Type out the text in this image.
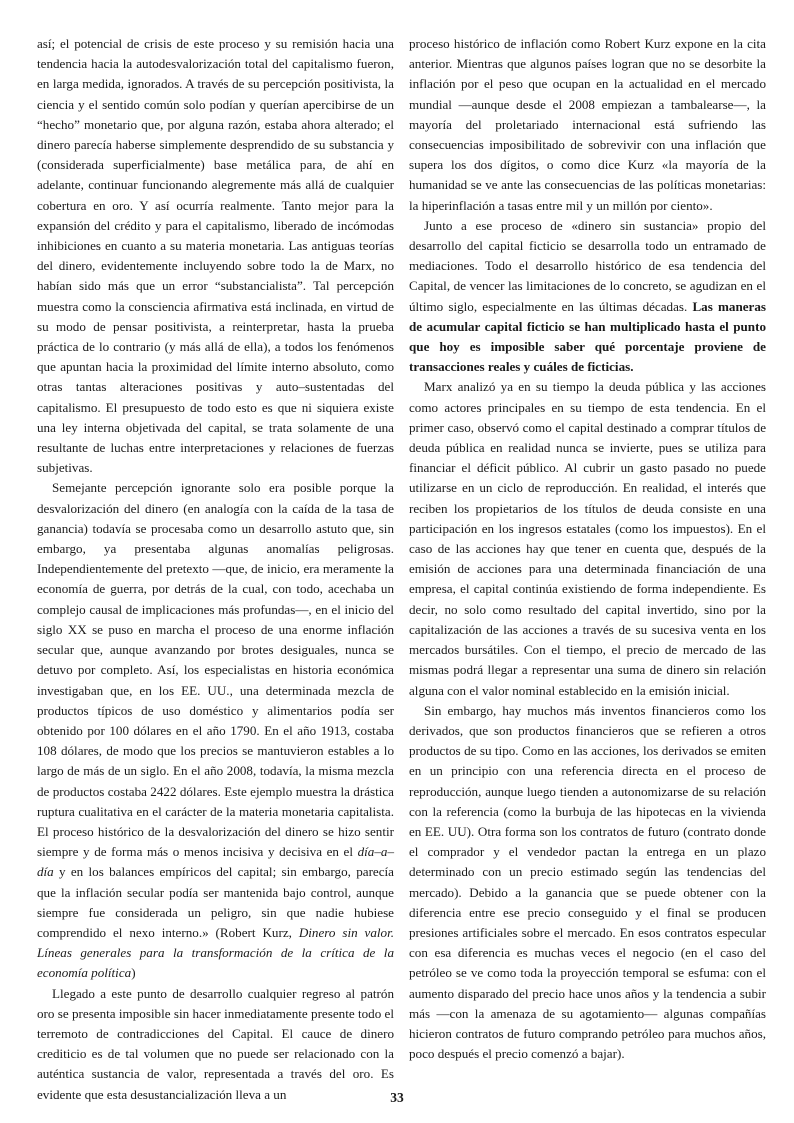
así; el potencial de crisis de este proceso y su remisión hacia una tendencia hacia la autodesvalorización total del capitalismo fueron, en larga medida, ignorados. A través de su percepción positivista, la ciencia y el sentido común solo podían y querían apercibirse de un “hecho” monetario que, por alguna razón, estaba ahora alterado; el dinero parecía haberse simplemente desprendido de su substancia y (considerada superficialmente) base metálica para, de ahí en adelante, continuar funcionando alegremente más allá de cualquier cobertura en oro. Y así ocurría realmente. Tanto mejor para la expansión del crédito y para el capitalismo, liberado de incómodas inhibiciones en cuanto a su materia monetaria. Las antiguas teorías del dinero, evidentemente incluyendo sobre todo la de Marx, no habían sido más que un error “substancialista”. Tal percepción muestra como la consciencia afirmativa está inclinada, en virtud de su modo de pensar positivista, a reinterpretar, hasta la prueba práctica de lo contrario (y más allá de ella), a todos los fenómenos que apuntan hacia la proximidad del límite interno absoluto, como otras tantas alteraciones positivas y auto–sustentadas del capitalismo. El presupuesto de todo esto es que ni siquiera existe una ley interna objetivada del capital, se trata solamente de una resultante de luchas entre interpretaciones y relaciones de fuerzas subjetivas.

Semejante percepción ignorante solo era posible porque la desvalorización del dinero (en analogía con la caída de la tasa de ganancia) todavía se procesaba como un desarrollo astuto que, sin embargo, ya presentaba algunas anomalías peligrosas. Independientemente del pretexto —que, de inicio, era meramente la economía de guerra, por detrás de la cual, con todo, acechaba un complejo causal de implicaciones más profundas—, en el inicio del siglo XX se puso en marcha el proceso de una enorme inflación secular que, aunque avanzando por brotes desiguales, nunca se detuvo por completo. Así, los especialistas en historia económica investigaban que, en los EE. UU., una determinada mezcla de productos típicos de uso doméstico y alimentarios podía ser obtenido por 100 dólares en el año 1790. En el año 1913, costaba 108 dólares, de modo que los precios se mantuvieron estables a lo largo de más de un siglo. En el año 2008, todavía, la misma mezcla de productos costaba 2422 dólares. Este ejemplo muestra la drástica ruptura cualitativa en el carácter de la materia monetaria capitalista. El proceso histórico de la desvalorización del dinero se hizo sentir siempre y de forma más o menos incisiva y decisiva en el día–a–día y en los balances empíricos del capital; sin embargo, parecía que la inflación secular podía ser mantenida bajo control, aunque siempre fue considerada un peligro, sin que nadie hubiese comprendido el nexo interno.» (Robert Kurz, Dinero sin valor. Líneas generales para la transformación de la crítica de la economía política)

Llegado a este punto de desarrollo cualquier regreso al patrón oro se presenta imposible sin hacer inmediatamente presente todo el terremoto de contradicciones del Capital. El cauce de dinero crediticio es de tal volumen que no puede ser relacionado con la auténtica sustancia de valor, representada a través del oro. Es evidente que esta desustancialización lleva a un

proceso histórico de inflación como Robert Kurz expone en la cita anterior. Mientras que algunos países logran que no se desorbite la inflación por el peso que ocupan en la actualidad en el mercado mundial —aunque desde el 2008 empiezan a tambalearse—, la mayoría del proletariado internacional está sufriendo las consecuencias imposibilitado de sobrevivir con una inflación que supera los dos dígitos, o como dice Kurz «la mayoría de la humanidad se ve ante las consecuencias de las políticas monetarias: la hiperinflación a tasas entre mil y un millón por ciento».

Junto a ese proceso de «dinero sin sustancia» propio del desarrollo del capital ficticio se desarrolla todo un entramado de mediaciones. Todo el desarrollo histórico de esa tendencia del Capital, de vencer las limitaciones de lo concreto, se agudizan en el último siglo, especialmente en las últimas décadas. Las maneras de acumular capital ficticio se han multiplicado hasta el punto que hoy es imposible saber qué porcentaje proviene de transacciones reales y cuáles de ficticias.

Marx analizó ya en su tiempo la deuda pública y las acciones como actores principales en su tiempo de esta tendencia. En el primer caso, observó como el capital destinado a comprar títulos de deuda pública en realidad nunca se invierte, pues se utiliza para financiar el déficit público. Al cubrir un gasto pasado no puede utilizarse en un ciclo de reproducción. En realidad, el interés que reciben los propietarios de los títulos de deuda consiste en una participación en los ingresos estatales (como los impuestos). En el caso de las acciones hay que tener en cuenta que, después de la emisión de acciones para una determinada financiación de una empresa, el capital continúa existiendo de forma independiente. Es decir, no solo como resultado del capital invertido, sino por la capitalización de las acciones a través de su sucesiva venta en los mercados bursátiles. Con el tiempo, el precio de mercado de las mismas podrá llegar a representar una suma de dinero sin relación alguna con el valor nominal establecido en la emisión inicial.

Sin embargo, hay muchos más inventos financieros como los derivados, que son productos financieros que se refieren a otros productos de su tipo. Como en las acciones, los derivados se emiten en un principio con una referencia directa en el proceso de reproducción, aunque luego tienden a autonomizarse de su relación con la referencia (como la burbuja de las hipotecas en la vivienda en EE. UU). Otra forma son los contratos de futuro (contrato donde el comprador y el vendedor pactan la entrega en un plazo determinado con un precio estimado según las tendencias del mercado). Debido a la ganancia que se puede obtener con la diferencia entre ese precio conseguido y el final se producen presiones artificiales sobre el mercado. En esos contratos especular con esa diferencia es muchas veces el negocio (en el caso del petróleo se ve como toda la proyección temporal se esfuma: con el aumento disparado del precio hace unos años y la tendencia a subir más —con la amenaza de su agotamiento— algunas compañías hicieron contratos de futuro comprando petróleo para muchos años, poco después el precio comenzó a bajar).

33
